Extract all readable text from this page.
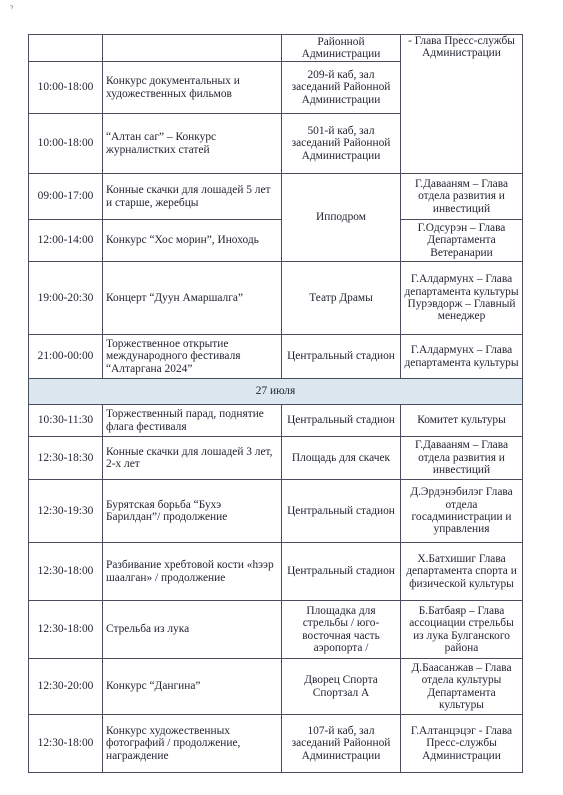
⌝
		Районной Администрации	- Глава Пресс-службы Администрации
10:00-18:00	Конкурс документальных и художественных фильмов	209-й каб, зал заседаний Районной Администрации	
10:00-18:00	“Алтан саг” – Конкурс журналистких статей	501-й каб, зал заседаний Районной Администрации	
09:00-17:00	Конные скачки для лошадей 5 лет и старше, жеребцы	Ипподром	Г.Давааням – Глава отдела развития и инвестиций
12:00-14:00	Конкурс “Хос морин”, Иноходь		Г.Одсурэн – Глава Департамента Ветеранарии
19:00-20:30	Концерт “Дуун Амаршалга”	Театр Драмы	Г.Алдармунх – Глава департамента культуры Пурэвдорж – Главный менеджер
21:00-00:00	Торжественное открытие международного фестиваля “Алтаргана 2024”	Центральный стадион	Г.Алдармунх – Глава департамента культуры
27 июля			
10:30-11:30	Торжественный парад, поднятие флага фестиваля	Центральный стадион	Комитет культуры
12:30-18:30	Конные скачки для лошадей 3 лет, 2-х лет	Площадь для скачек	Г.Давааням – Глава отдела развития и инвестиций
12:30-19:30	Бурятская борьба “Бухэ Барилдан”/ продолжение	Центральный стадион	Д.Эрдэнэбилэг Глава отдела госадминистрации и управления
12:30-18:00	Разбивание хребтовой кости «һээр шаалган» / продолжение	Центральный стадион	Х.Батхишиг Глава департамента спорта и физической культуры
12:30-18:00	Стрельба из лука	Площадка для стрельбы / юго-восточная часть аэропорта /	Б.Батбаяр – Глава ассоциации стрельбы из лука Булганского района
12:30-20:00	Конкурс “Дангина”	Дворец Спорта Спортзал А	Д.Баасанжав – Глава отдела культуры Департамента культуры
12:30-18:00	Конкурс художественных фотографий / продолжение, награждение	107-й каб, зал заседаний Районной Администрации	Г.Алтанцэцэг - Глава Пресс-службы Администрации
